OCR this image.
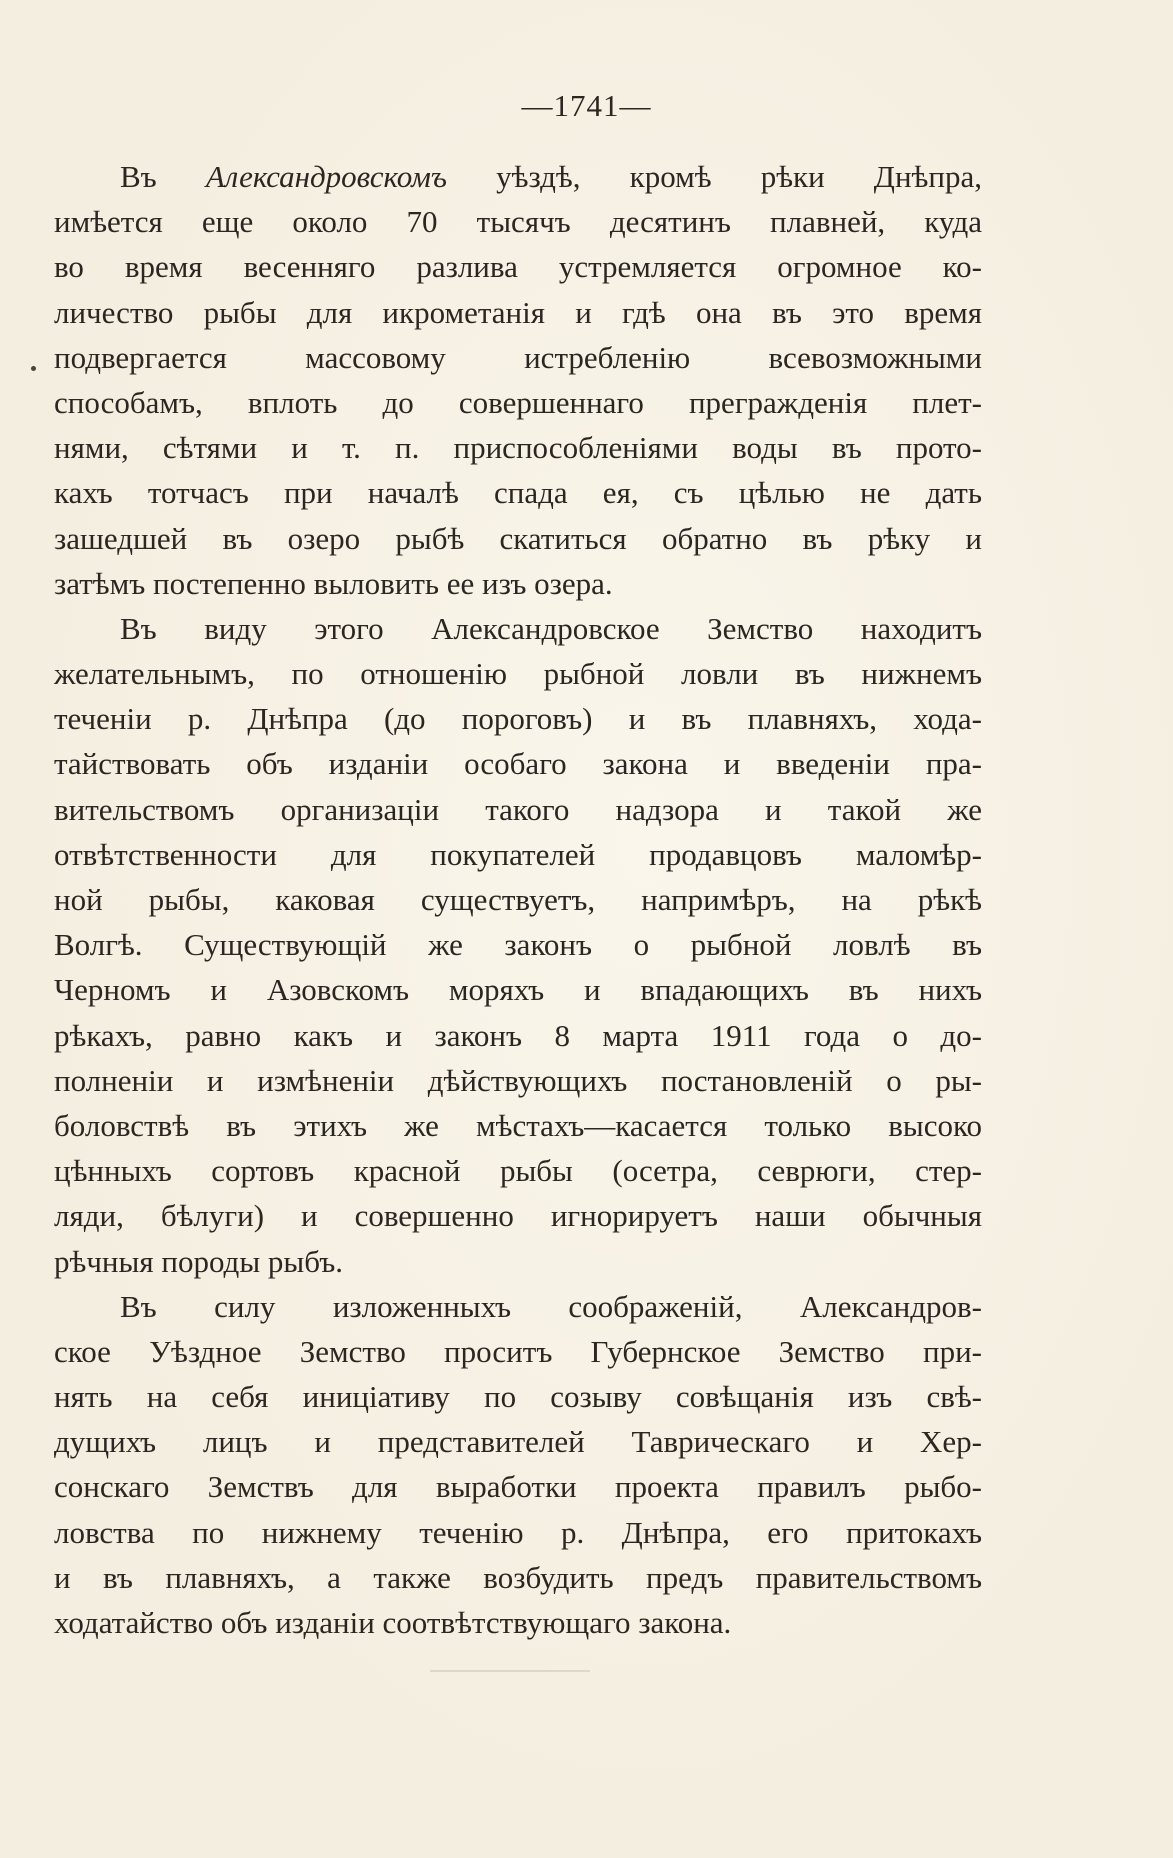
—1741—
Въ Александровскомъ уѣздѣ, кромѣ рѣки Днѣпра,
имѣется еще около 70 тысячъ десятинъ плавней, куда
во время весенняго разлива устремляется огромное ко-
личество рыбы для икрометанія и гдѣ она въ это время
подвергается массовому истребленію всевозможными
способамъ, вплоть до совершеннаго прегражденія плет-
нями, сѣтями и т. п. приспособленіями воды въ прото-
кахъ тотчасъ при началѣ спада ея, съ цѣлью не дать
зашедшей въ озеро рыбѣ скатиться обратно въ рѣку и
затѣмъ постепенно выловить ее изъ озера.
Въ виду этого Александровское Земство находитъ
желательнымъ, по отношенію рыбной ловли въ нижнемъ
теченіи р. Днѣпра (до пороговъ) и въ плавняхъ, хода-
тайствовать объ изданіи особаго закона и введеніи пра-
вительствомъ организаціи такого надзора и такой же
отвѣтственности для покупателей продавцовъ маломѣр-
ной рыбы, каковая существуетъ, напримѣръ, на рѣкѣ
Волгѣ. Существующій же законъ о рыбной ловлѣ въ
Черномъ и Азовскомъ моряхъ и впадающихъ въ нихъ
рѣкахъ, равно какъ и законъ 8 марта 1911 года о до-
полненіи и измѣненіи дѣйствующихъ постановленій о ры-
боловствѣ въ этихъ же мѣстахъ—касается только высоко
цѣнныхъ сортовъ красной рыбы (осетра, севрюги, стер-
ляди, бѣлуги) и совершенно игнорируетъ наши обычныя
рѣчныя породы рыбъ.
Въ силу изложенныхъ соображеній, Александров-
ское Уѣздное Земство проситъ Губернское Земство при-
нять на себя иниціативу по созыву совѣщанія изъ свѣ-
дущихъ лицъ и представителей Таврическаго и Хер-
сонскаго Земствъ для выработки проекта правилъ рыбо-
ловства по нижнему теченію р. Днѣпра, его притокахъ
и въ плавняхъ, а также возбудить предъ правительствомъ
ходатайство объ изданіи соотвѣтствующаго закона.
